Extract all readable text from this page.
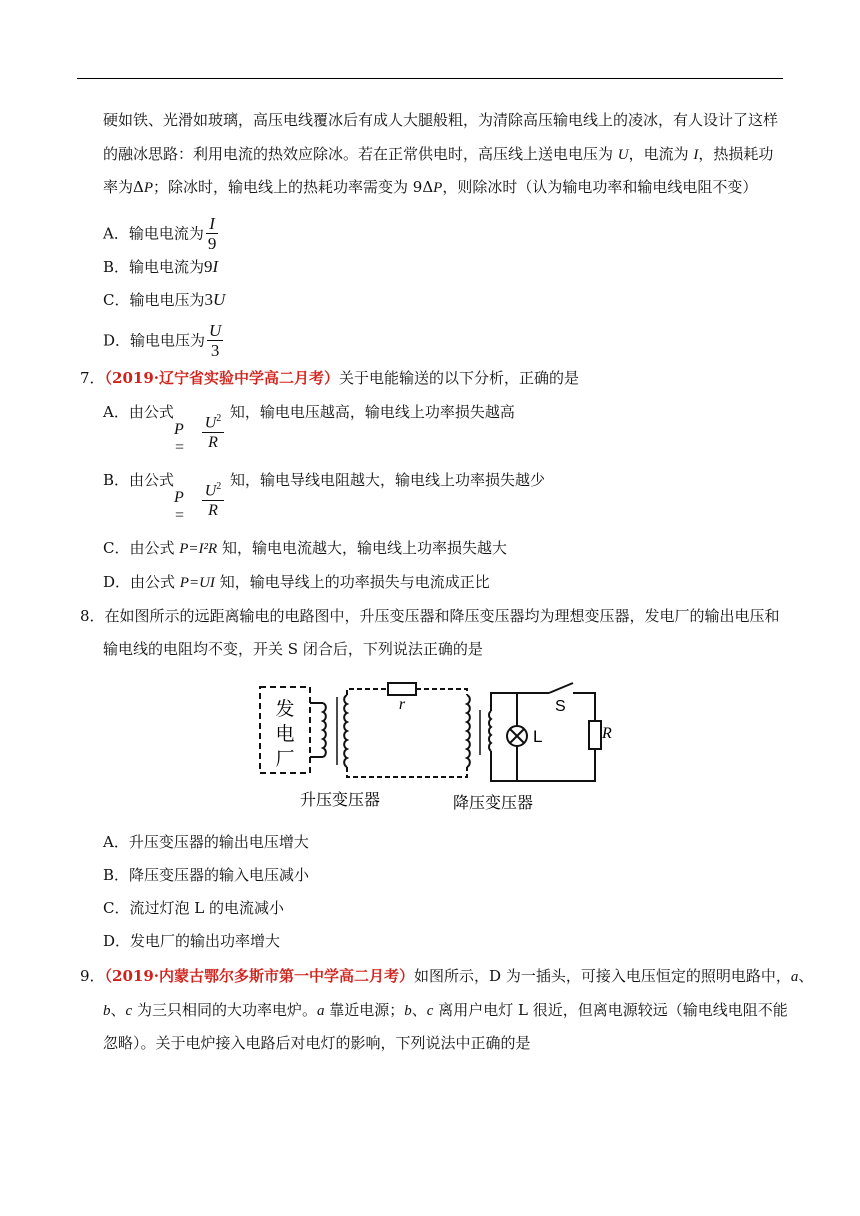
硬如铁、光滑如玻璃，高压电线覆冰后有成人大腿般粗，为清除高压输电线上的凌冰，有人设计了这样
的融冰思路：利用电流的热效应除冰。若在正常供电时，高压线上送电电压为 U，电流为 I，热损耗功
率为ΔP；除冰时，输电线上的热耗功率需变为 9ΔP，则除冰时（认为输电功率和输电线电阻不变）
A．输电电流为 $\frac{I}{9}$
B．输电电流为9I
C．输电电压为3U
D．输电电压为 $\frac{U}{3}$
7．（2019·辽宁省实验中学高二月考）关于电能输送的以下分析，正确的是
A．由公式	知，输电电压越高，输电线上功率损失越高
P =
$U^2$
R
B．由公式	知，输电导线电阻越大，输电线上功率损失越少
P =
$U^2$
R
C．由公式 P=I²R 知，输电电流越大，输电线上功率损失越大
D．由公式 P=UI 知，输电导线上的功率损失与电流成正比
8．在如图所示的远距离输电的电路图中，升压变压器和降压变压器均为理想变压器，发电厂的输出电压和
输电线的电阻均不变，开关 S 闭合后，下列说法正确的是
发
电
厂
r	S
L	R
升压变压器	降压变压器
A．升压变压器的输出电压增大
B．降压变压器的输入电压减小
C．流过灯泡 L 的电流减小
D．发电厂的输出功率增大
9．（2019·内蒙古鄂尔多斯市第一中学高二月考）如图所示，D 为一插头，可接入电压恒定的照明电路中，a、
b、c 为三只相同的大功率电炉。a 靠近电源；b、c 离用户电灯 L 很近，但离电源较远（输电线电阻不能
忽略）。关于电炉接入电路后对电灯的影响，下列说法中正确的是
